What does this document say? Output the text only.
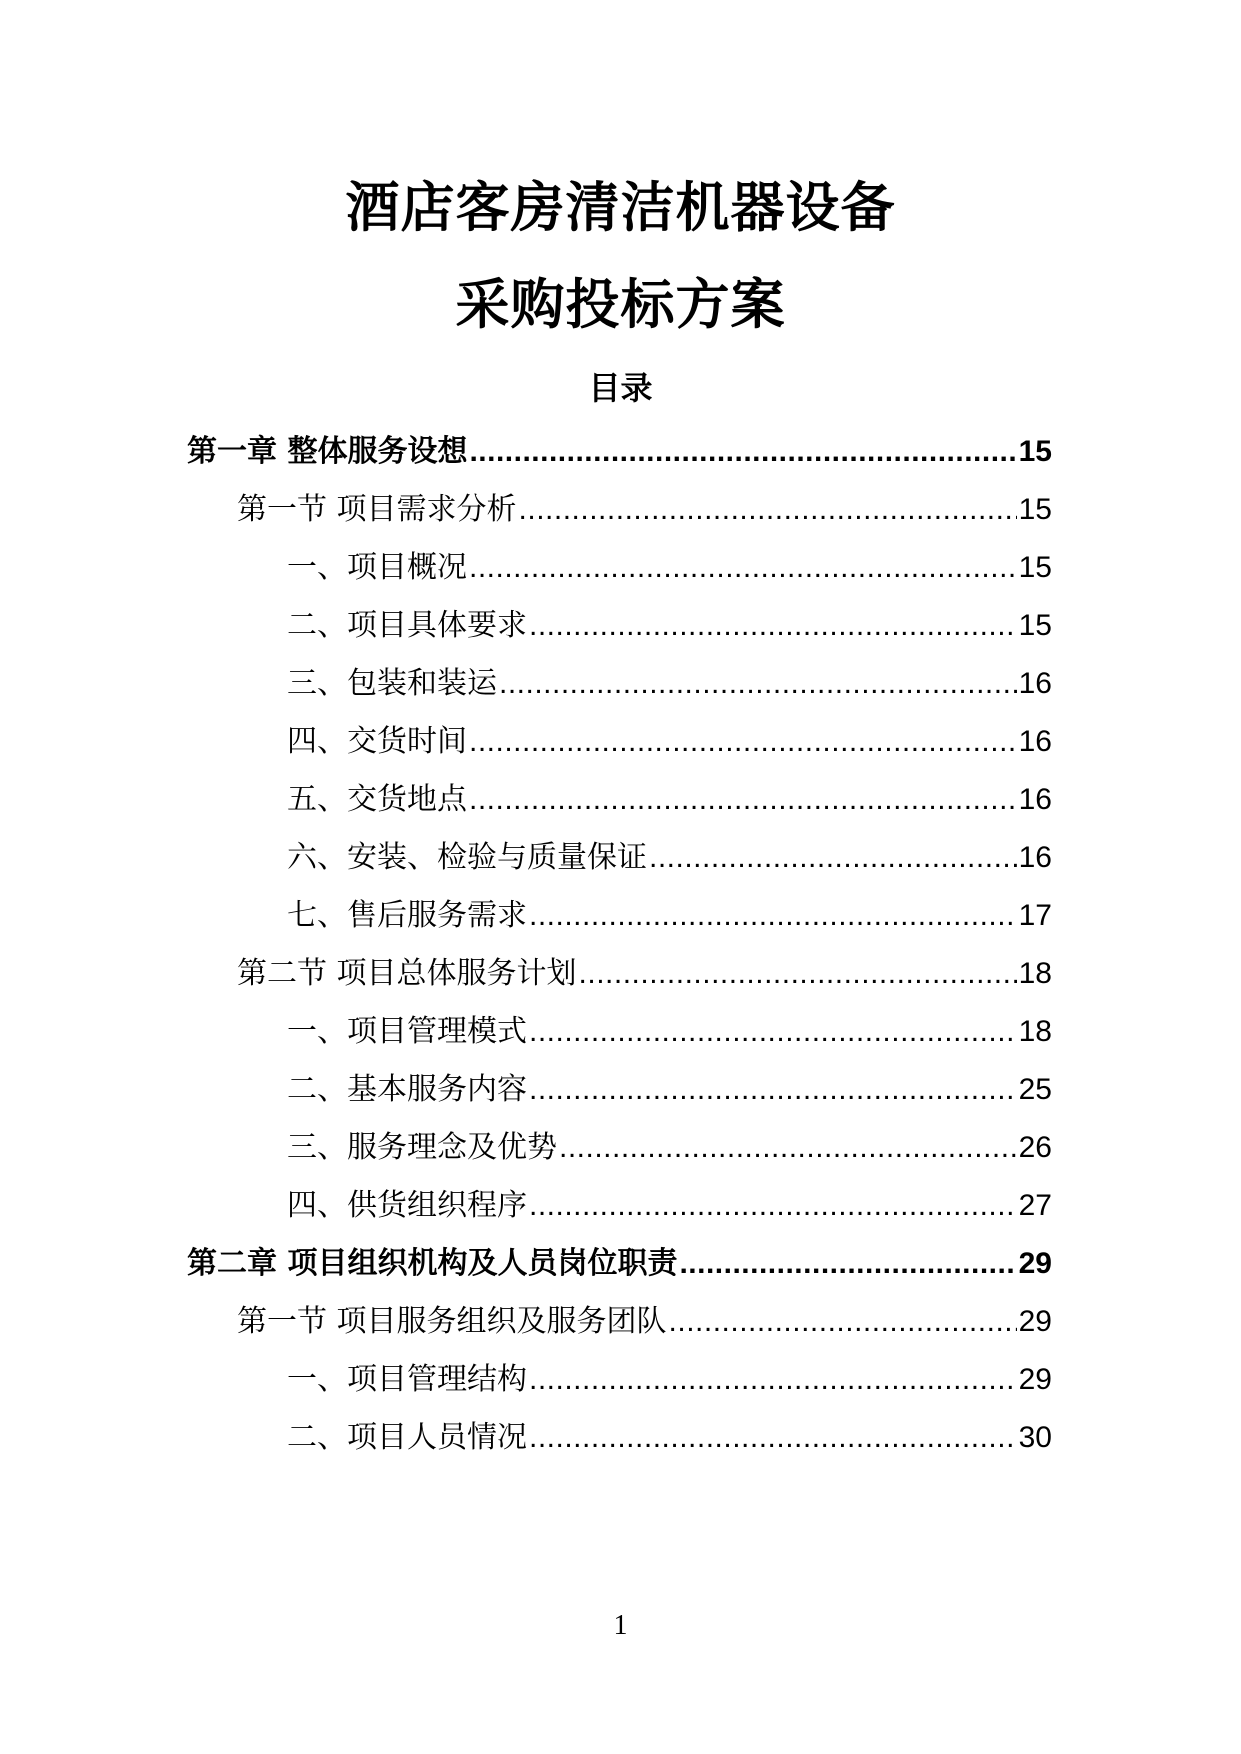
酒店客房清洁机器设备
采购投标方案
目录
第一章 整体服务设想 .....	15
第一节 项目需求分析 .....	15
一、项目概况 .....	15
二、项目具体要求 .....	15
三、包装和装运 .....	16
四、交货时间 .....	16
五、交货地点 .....	16
六、安装、检验与质量保证 .....	16
七、售后服务需求 .....	17
第二节 项目总体服务计划 .....	18
一、项目管理模式 .....	18
二、基本服务内容 .....	25
三、服务理念及优势 .....	26
四、供货组织程序 .....	27
第二章 项目组织机构及人员岗位职责 .....	29
第一节 项目服务组织及服务团队 .....	29
一、项目管理结构 .....	29
二、项目人员情况 .....	30
1
